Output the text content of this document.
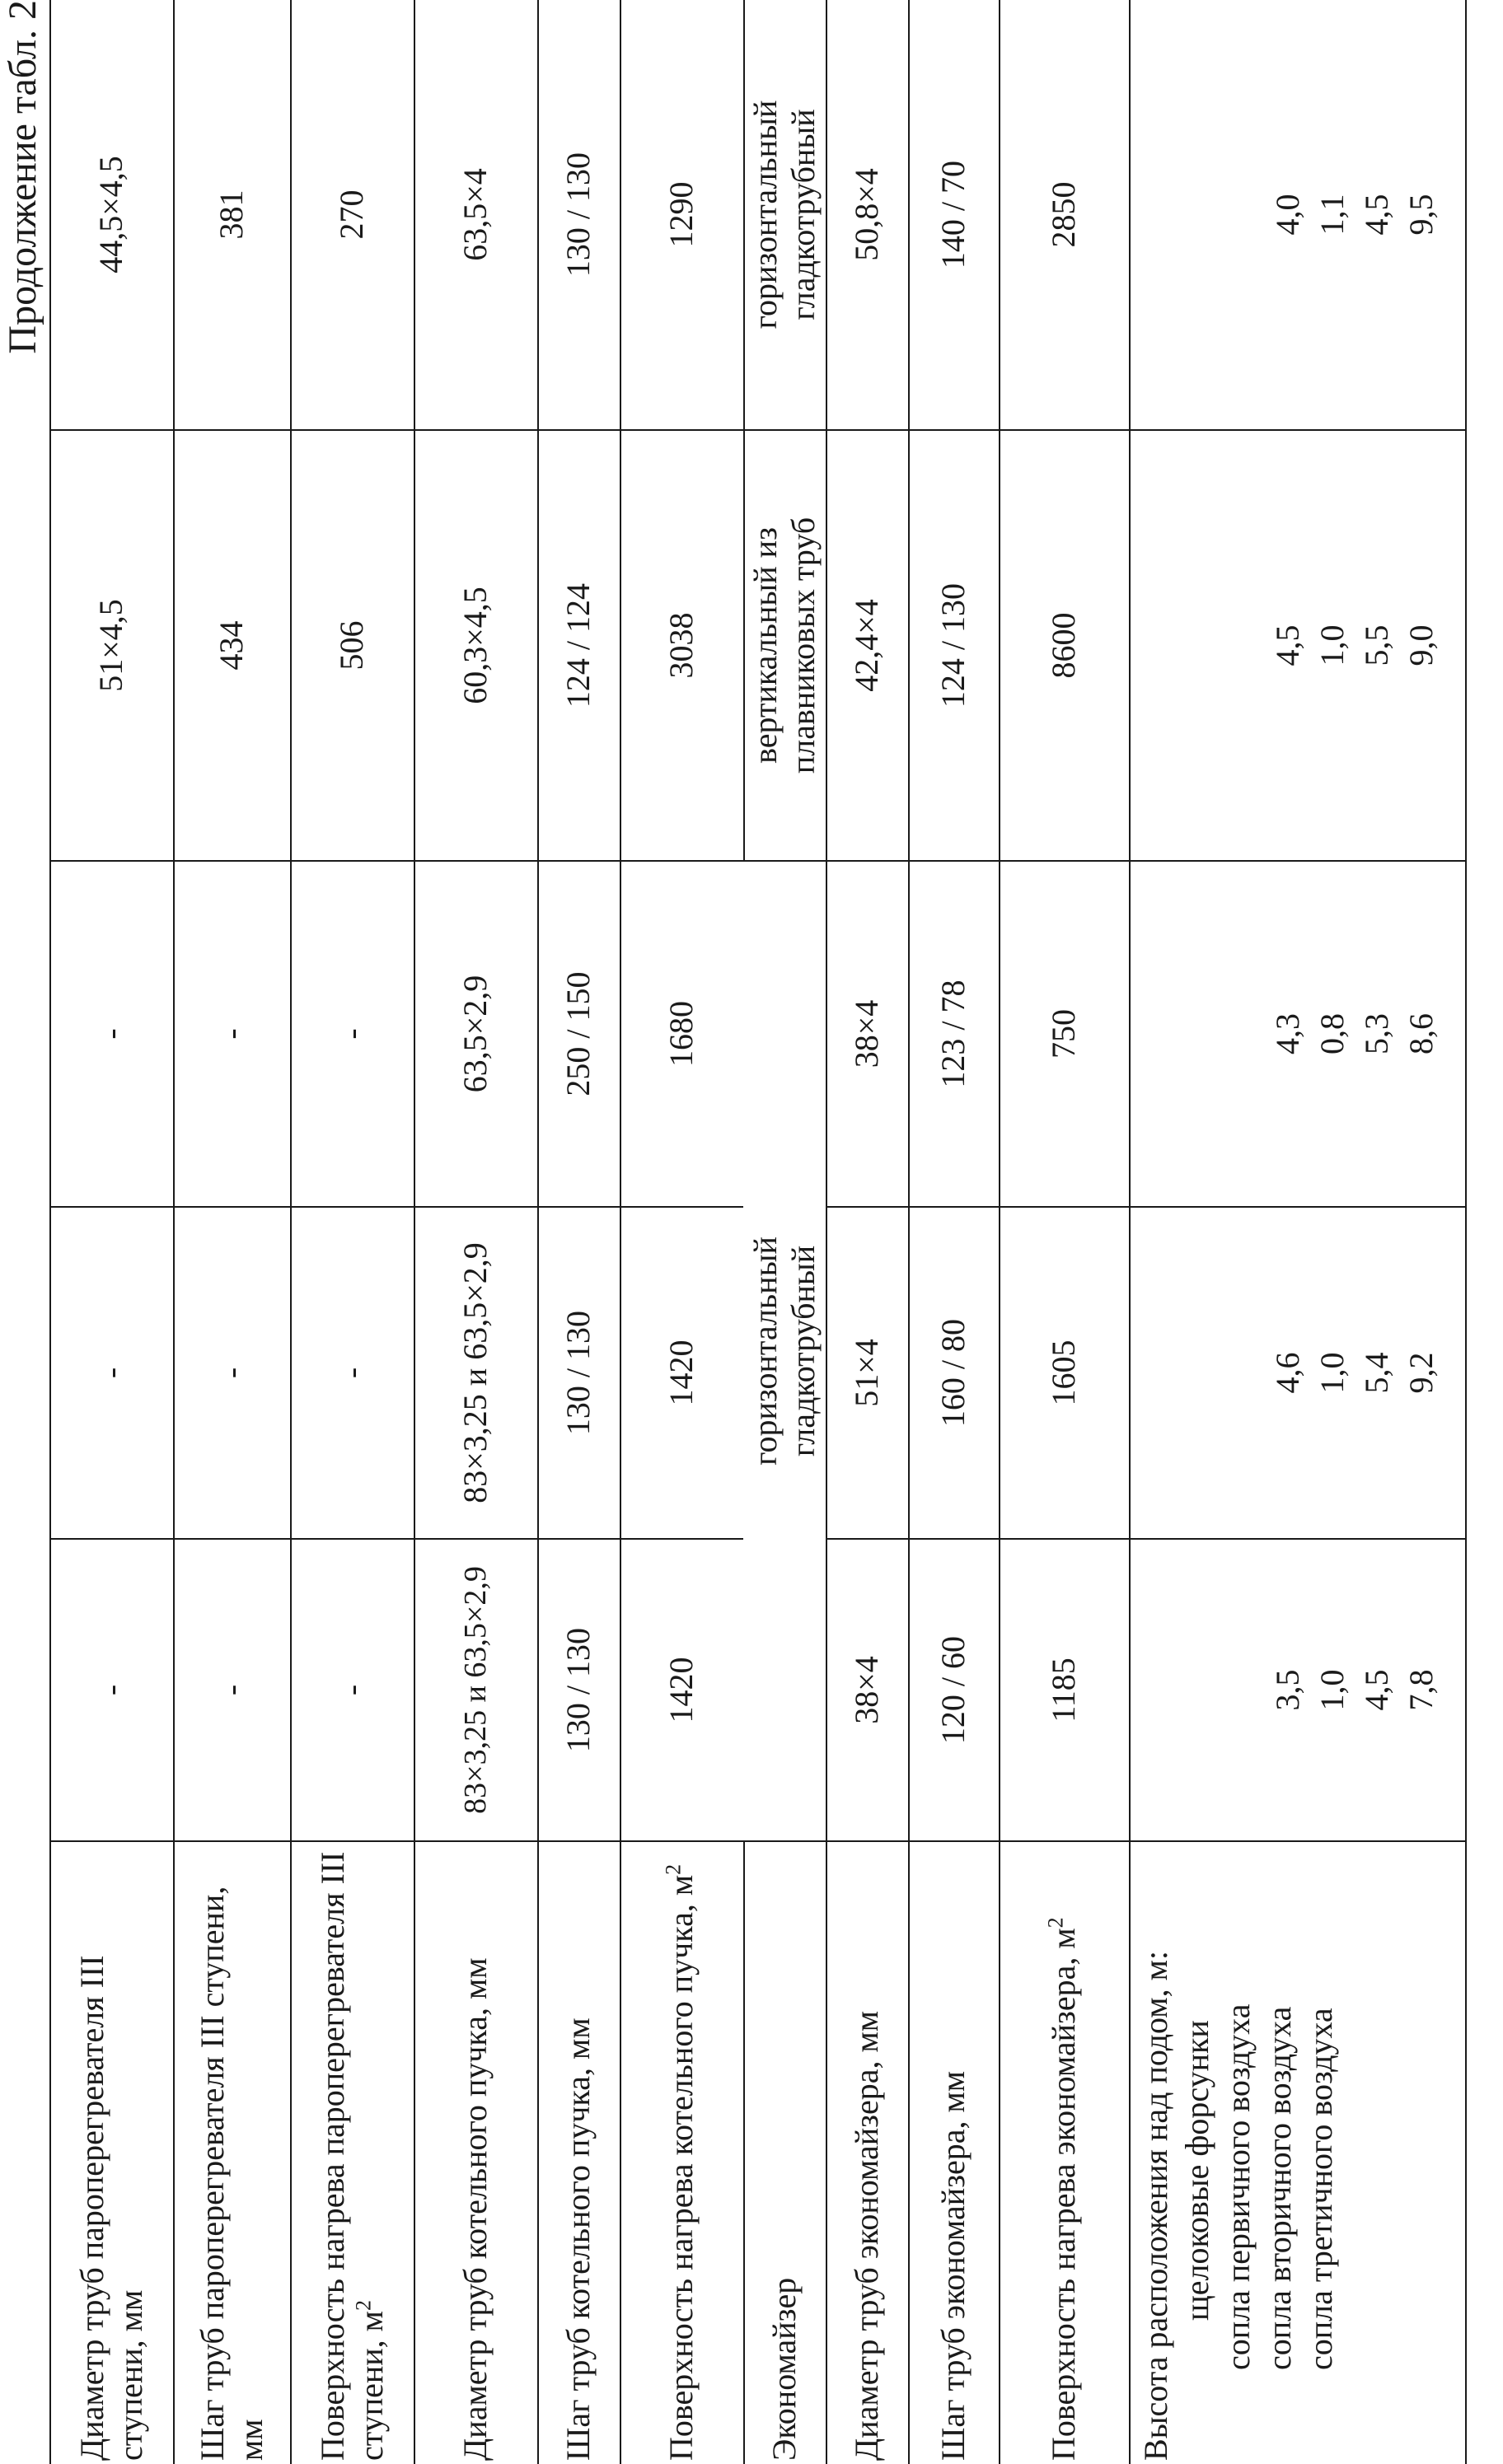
Продолжение табл. 2
Диаметр труб пароперегревателя III ступени, мм
-
-
-
51×4,5
44,5×4,5
Шаг труб пароперегревателя III ступени, мм
-
-
-
434
381
Поверхность нагрева пароперегревателя III ступени, $м^2$
-
-
-
506
270
Диаметр труб котельного пучка, мм
83×3,25 и 63,5×2,9
83×3,25 и 63,5×2,9
63,5×2,9
60,3×4,5
63,5×4
Шаг труб котельного пучка, мм
130 / 130
130 / 130
250 / 150
124 / 124
130 / 130
Поверхность нагрева котельного пучка, $м^2$
1420
1420
1680
3038
1290
Экономайзер
горизонтальный гладкотрубный
вертикальный из плавниковых труб
горизонтальный гладкотрубный
Диаметр труб экономайзера, мм
38×4
51×4
38×4
42,4×4
50,8×4
Шаг труб экономайзера, мм
120 / 60
160 / 80
123 / 78
124 / 130
140 / 70
Поверхность нагрева экономайзера, $м^2$
1185
1605
750
8600
2850
Высота расположения над подом, м: щелоковые форсунки сопла первичного воздуха сопла вторичного воздуха сопла третичного воздуха
3,5 1,0 4,5 7,8
4,6 1,0 5,4 9,2
4,3 0,8 5,3 8,6
4,5 1,0 5,5 9,0
4,0 1,1 4,5 9,5
